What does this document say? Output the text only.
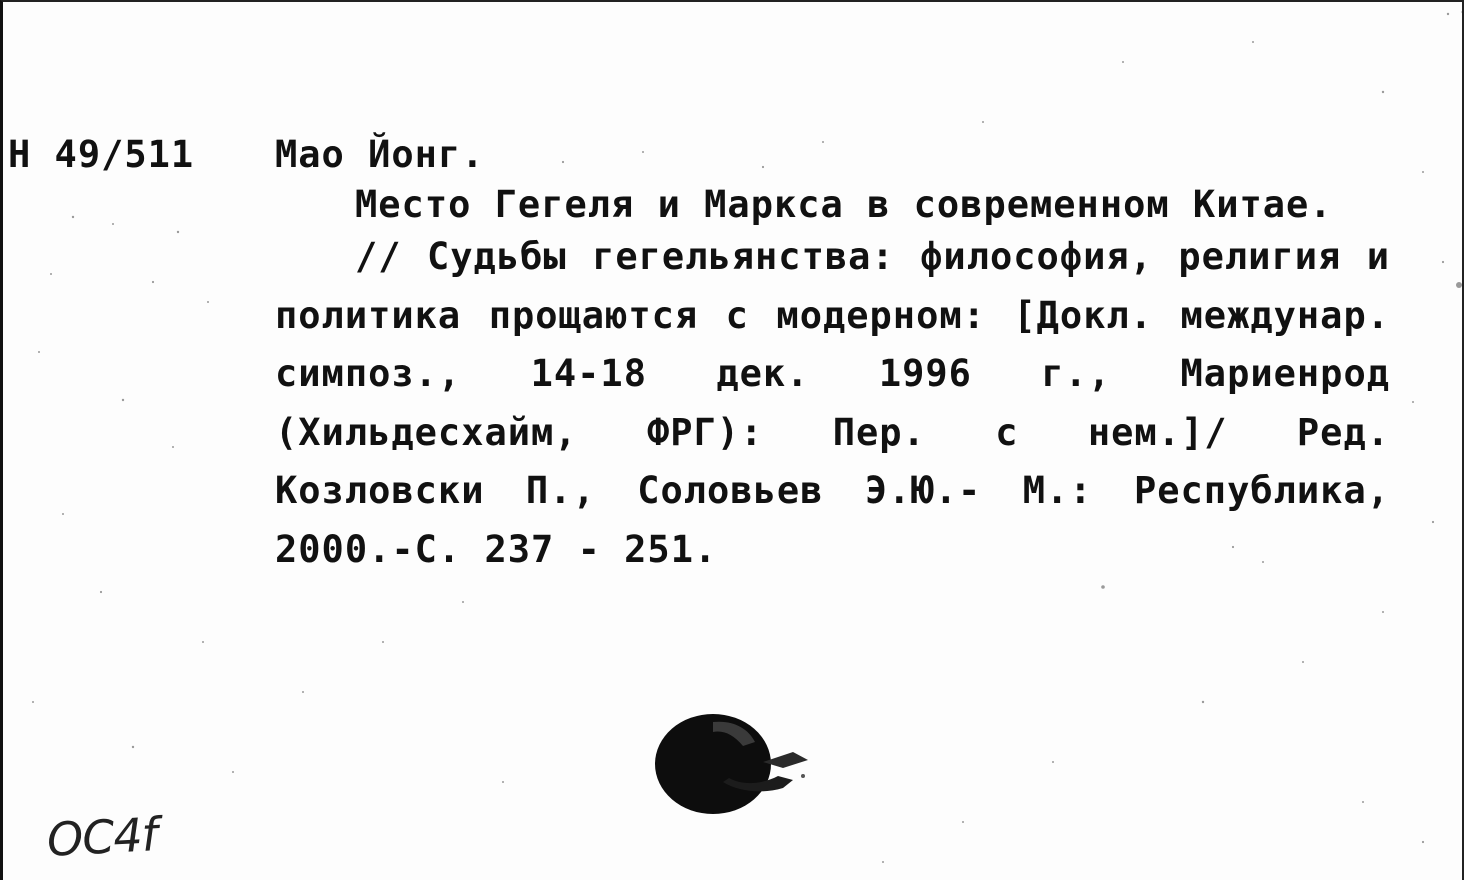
Н 49/511 Мао Йонг.
Место Гегеля и Маркса в современном Китае.
// Судьбы гегельянства: философия, религия и политика прощаются с модерном: [Докл. междунар. симпоз., 14-18 дек. 1996 г., Мариенрод (Хильдесхайм, ФРГ): Пер. с нем.]/ Ред. Козловски П., Соловьев Э.Ю.- М.: Республика, 2000.-С. 237 - 251.
ОС4f
